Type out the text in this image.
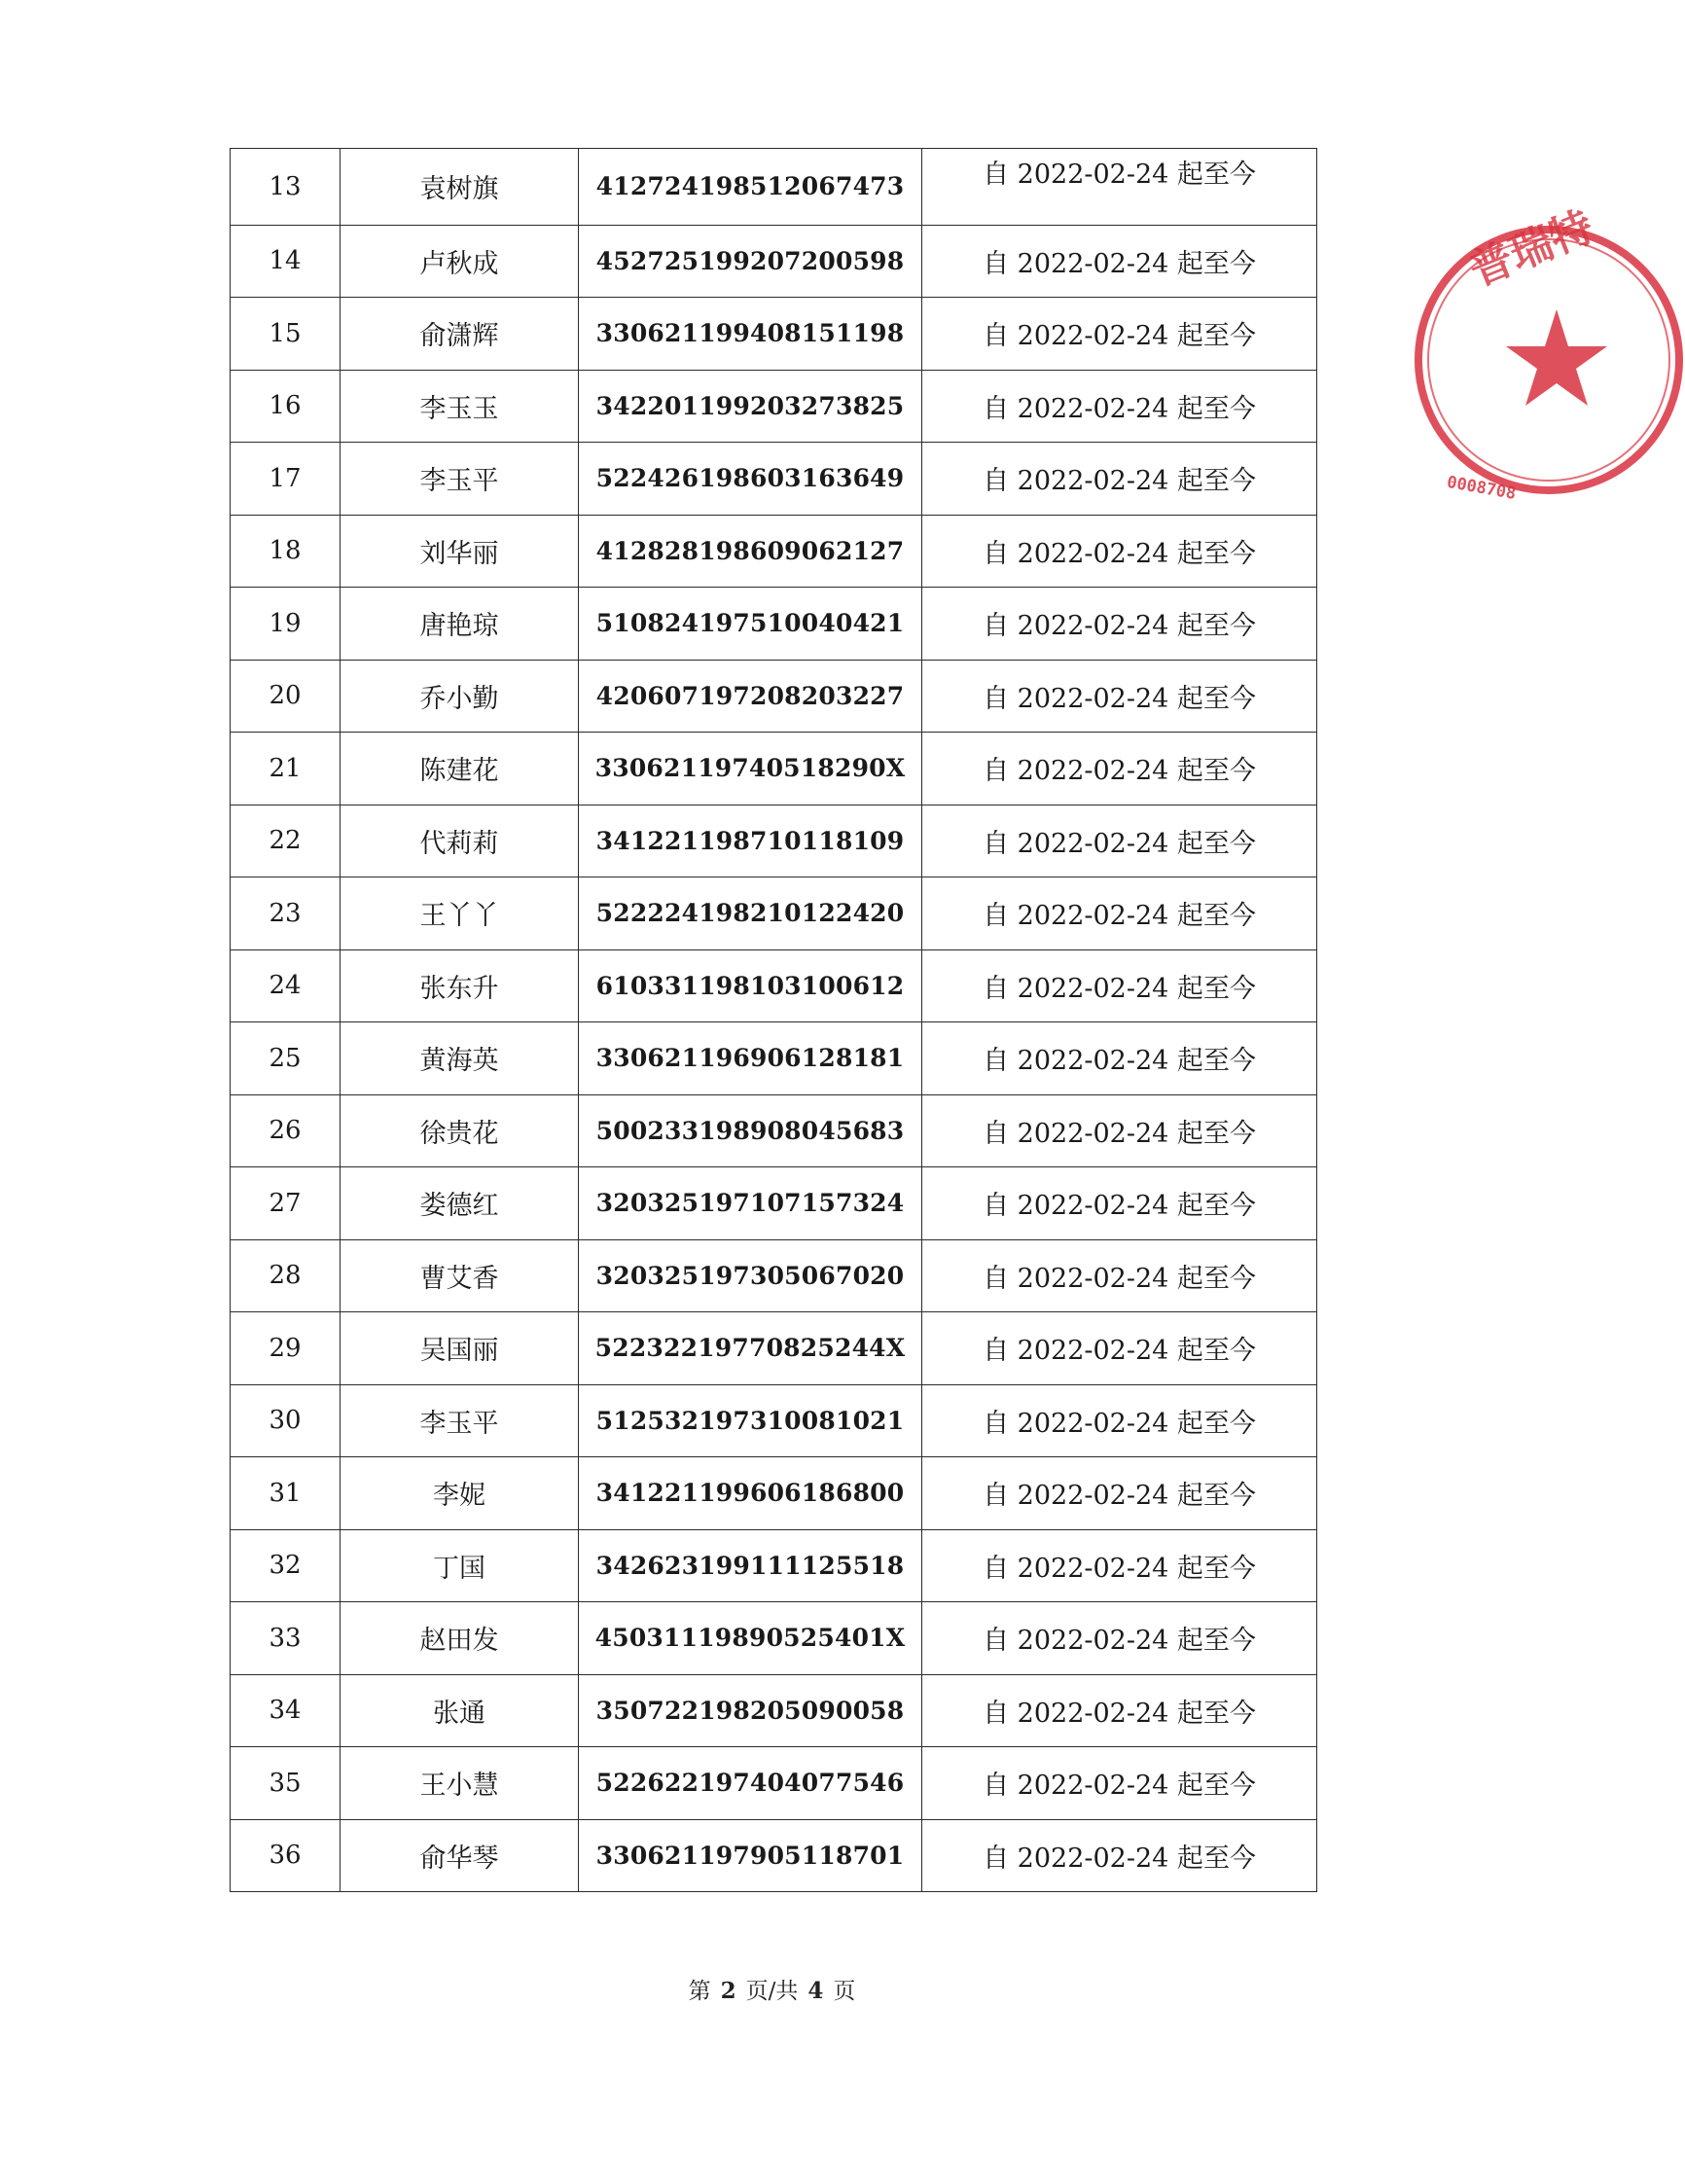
13	袁树旗	412724198512067473	自 2022-02-24 起至今
14	卢秋成	452725199207200598	自 2022-02-24 起至今
15	俞潇辉	330621199408151198	自 2022-02-24 起至今
16	李玉玉	342201199203273825	自 2022-02-24 起至今
17	李玉平	522426198603163649	自 2022-02-24 起至今
18	刘华丽	412828198609062127	自 2022-02-24 起至今
19	唐艳琼	510824197510040421	自 2022-02-24 起至今
20	乔小勤	420607197208203227	自 2022-02-24 起至今
21	陈建花	33062119740518290X	自 2022-02-24 起至今
22	代莉莉	341221198710118109	自 2022-02-24 起至今
23	王丫丫	522224198210122420	自 2022-02-24 起至今
24	张东升	610331198103100612	自 2022-02-24 起至今
25	黄海英	330621196906128181	自 2022-02-24 起至今
26	徐贵花	500233198908045683	自 2022-02-24 起至今
27	娄德红	320325197107157324	自 2022-02-24 起至今
28	曹艾香	320325197305067020	自 2022-02-24 起至今
29	吴国丽	52232219770825244X	自 2022-02-24 起至今
30	李玉平	512532197310081021	自 2022-02-24 起至今
31	李妮	341221199606186800	自 2022-02-24 起至今
32	丁国	342623199111125518	自 2022-02-24 起至今
33	赵田发	45031119890525401X	自 2022-02-24 起至今
34	张通	350722198205090058	自 2022-02-24 起至今
35	王小慧	522622197404077546	自 2022-02-24 起至今
36	俞华琴	330621197905118701	自 2022-02-24 起至今
第 2 页/共 4 页
普瑞特
0008708
